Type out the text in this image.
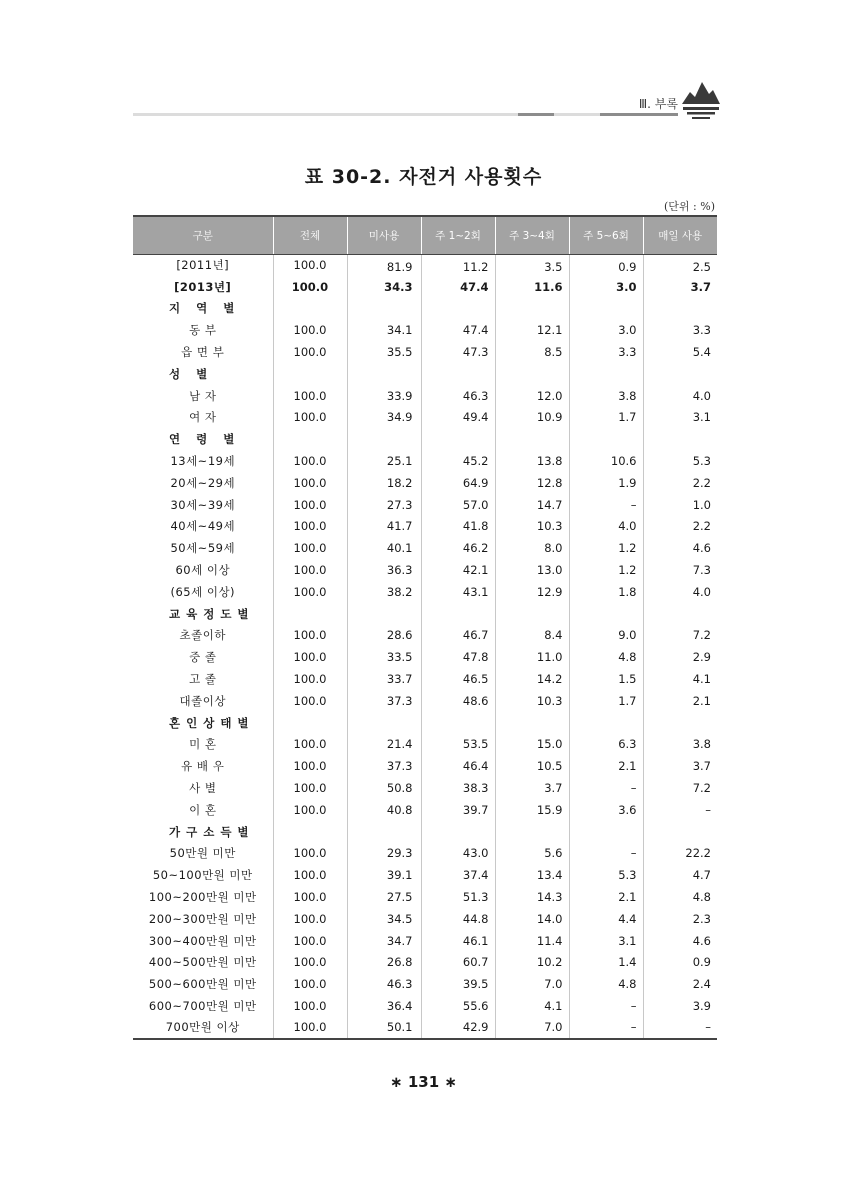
Ⅲ. 부록
표 30-2. 자전거 사용횟수
(단위 : %)
구분	전체	미사용	주 1~2회	주 3~4회	주 5~6회	매일 사용
[2011년]	100.0	81.9	11.2	3.5	0.9	2.5
[2013년]	100.0	34.3	47.4	11.6	3.0	3.7
지 역 별						
동 부	100.0	34.1	47.4	12.1	3.0	3.3
읍 면 부	100.0	35.5	47.3	8.5	3.3	5.4
성 별						
남 자	100.0	33.9	46.3	12.0	3.8	4.0
여 자	100.0	34.9	49.4	10.9	1.7	3.1
연 령 별						
13세~19세	100.0	25.1	45.2	13.8	10.6	5.3
20세~29세	100.0	18.2	64.9	12.8	1.9	2.2
30세~39세	100.0	27.3	57.0	14.7	–	1.0
40세~49세	100.0	41.7	41.8	10.3	4.0	2.2
50세~59세	100.0	40.1	46.2	8.0	1.2	4.6
60세 이상	100.0	36.3	42.1	13.0	1.2	7.3
(65세 이상)	100.0	38.2	43.1	12.9	1.8	4.0
교육정도별						
초졸이하	100.0	28.6	46.7	8.4	9.0	7.2
중 졸	100.0	33.5	47.8	11.0	4.8	2.9
고 졸	100.0	33.7	46.5	14.2	1.5	4.1
대졸이상	100.0	37.3	48.6	10.3	1.7	2.1
혼인상태별						
미 혼	100.0	21.4	53.5	15.0	6.3	3.8
유 배 우	100.0	37.3	46.4	10.5	2.1	3.7
사 별	100.0	50.8	38.3	3.7	–	7.2
이 혼	100.0	40.8	39.7	15.9	3.6	–
가구소득별						
50만원 미만	100.0	29.3	43.0	5.6	–	22.2
50~100만원 미만	100.0	39.1	37.4	13.4	5.3	4.7
100~200만원 미만	100.0	27.5	51.3	14.3	2.1	4.8
200~300만원 미만	100.0	34.5	44.8	14.0	4.4	2.3
300~400만원 미만	100.0	34.7	46.1	11.4	3.1	4.6
400~500만원 미만	100.0	26.8	60.7	10.2	1.4	0.9
500~600만원 미만	100.0	46.3	39.5	7.0	4.8	2.4
600~700만원 미만	100.0	36.4	55.6	4.1	–	3.9
700만원 이상	100.0	50.1	42.9	7.0	–	–
∗ 131 ∗
